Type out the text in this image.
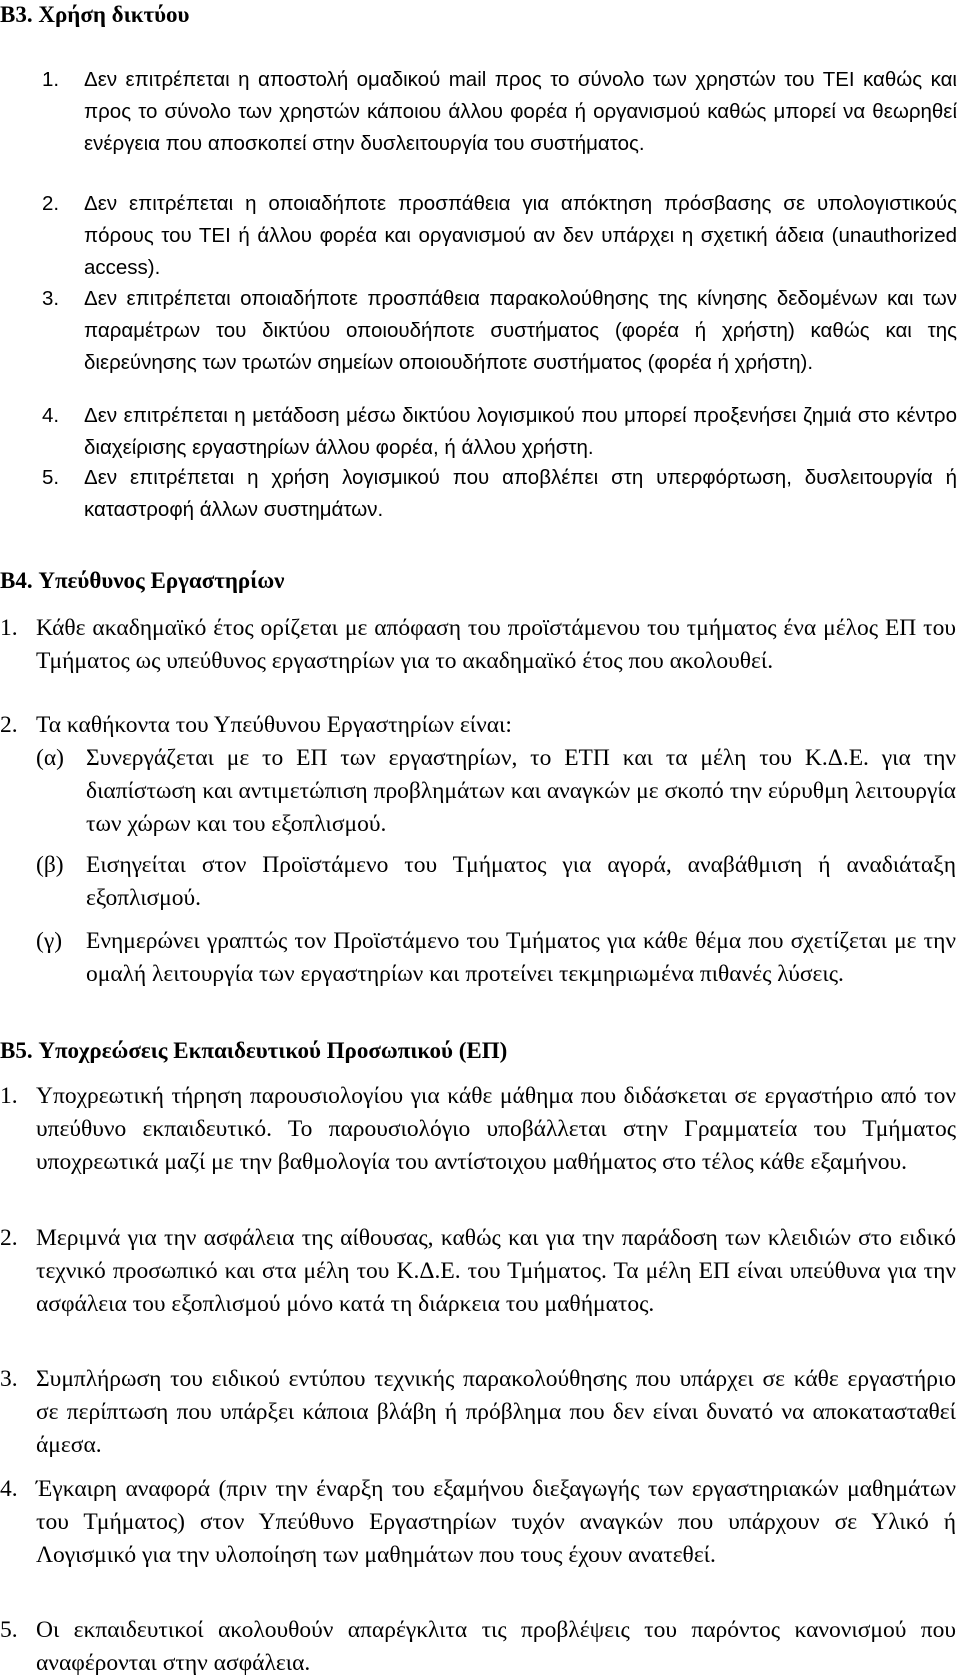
B3. Χρήση δικτύου
1. Δεν επιτρέπεται η αποστολή ομαδικού mail προς το σύνολο των χρηστών του ΤΕΙ καθώς και προς το σύνολο των χρηστών κάποιου άλλου φορέα ή οργανισμού καθώς μπορεί να θεωρηθεί ενέργεια που αποσκοπεί στην δυσλειτουργία του συστήματος.
2. Δεν επιτρέπεται η οποιαδήποτε προσπάθεια για απόκτηση πρόσβασης σε υπολογιστικούς πόρους του ΤΕΙ ή άλλου φορέα και οργανισμού αν δεν υπάρχει η σχετική άδεια (unauthorized access).
3. Δεν επιτρέπεται οποιαδήποτε προσπάθεια παρακολούθησης της κίνησης δεδομένων και των παραμέτρων του δικτύου οποιουδήποτε συστήματος (φορέα ή χρήστη) καθώς και της διερεύνησης των τρωτών σημείων οποιουδήποτε συστήματος (φορέα ή χρήστη).
4. Δεν επιτρέπεται η μετάδοση μέσω δικτύου λογισμικού που μπορεί προξενήσει ζημιά στο κέντρο διαχείρισης εργαστηρίων άλλου φορέα, ή άλλου χρήστη.
5. Δεν επιτρέπεται η χρήση λογισμικού που αποβλέπει στη υπερφόρτωση, δυσλειτουργία ή καταστροφή άλλων συστημάτων.
B4. Υπεύθυνος Εργαστηρίων
1. Κάθε ακαδημαϊκό έτος ορίζεται με απόφαση του προϊστάμενου του τμήματος ένα μέλος ΕΠ του Τμήματος ως υπεύθυνος εργαστηρίων για το ακαδημαϊκό έτος που ακολουθεί.
2. Τα καθήκοντα του Υπεύθυνου Εργαστηρίων είναι:
(α) Συνεργάζεται με το ΕΠ των εργαστηρίων, το ΕΤΠ και τα μέλη του Κ.Δ.Ε. για την διαπίστωση και αντιμετώπιση προβλημάτων και αναγκών με σκοπό την εύρυθμη λειτουργία των χώρων και του εξοπλισμού.
(β) Εισηγείται στον Προϊστάμενο του Τμήματος για αγορά, αναβάθμιση ή αναδιάταξη εξοπλισμού.
(γ) Ενημερώνει γραπτώς τον Προϊστάμενο του Τμήματος για κάθε θέμα που σχετίζεται με την ομαλή λειτουργία των εργαστηρίων και προτείνει τεκμηριωμένα πιθανές λύσεις.
B5. Υποχρεώσεις Εκπαιδευτικού Προσωπικού (ΕΠ)
1. Υποχρεωτική τήρηση παρουσιολογίου για κάθε μάθημα που διδάσκεται σε εργαστήριο από τον υπεύθυνο εκπαιδευτικό. Το παρουσιολόγιο υποβάλλεται στην Γραμματεία του Τμήματος υποχρεωτικά μαζί με την βαθμολογία του αντίστοιχου μαθήματος στο τέλος κάθε εξαμήνου.
2. Μεριμνά για την ασφάλεια της αίθουσας, καθώς και για την παράδοση των κλειδιών στο ειδικό τεχνικό προσωπικό και στα μέλη του Κ.Δ.Ε. του Τμήματος. Τα μέλη ΕΠ είναι υπεύθυνα για την ασφάλεια του εξοπλισμού μόνο κατά τη διάρκεια του μαθήματος.
3. Συμπλήρωση του ειδικού εντύπου τεχνικής παρακολούθησης που υπάρχει σε κάθε εργαστήριο σε περίπτωση που υπάρξει κάποια βλάβη ή πρόβλημα που δεν είναι δυνατό να αποκατασταθεί άμεσα.
4. Έγκαιρη αναφορά (πριν την έναρξη του εξαμήνου διεξαγωγής των εργαστηριακών μαθημάτων του Τμήματος) στον Υπεύθυνο Εργαστηρίων τυχόν αναγκών που υπάρχουν σε Υλικό ή Λογισμικό για την υλοποίηση των μαθημάτων που τους έχουν ανατεθεί.
5. Οι εκπαιδευτικοί ακολουθούν απαρέγκλιτα τις προβλέψεις του παρόντος κανονισμού που αναφέρονται στην ασφάλεια.
